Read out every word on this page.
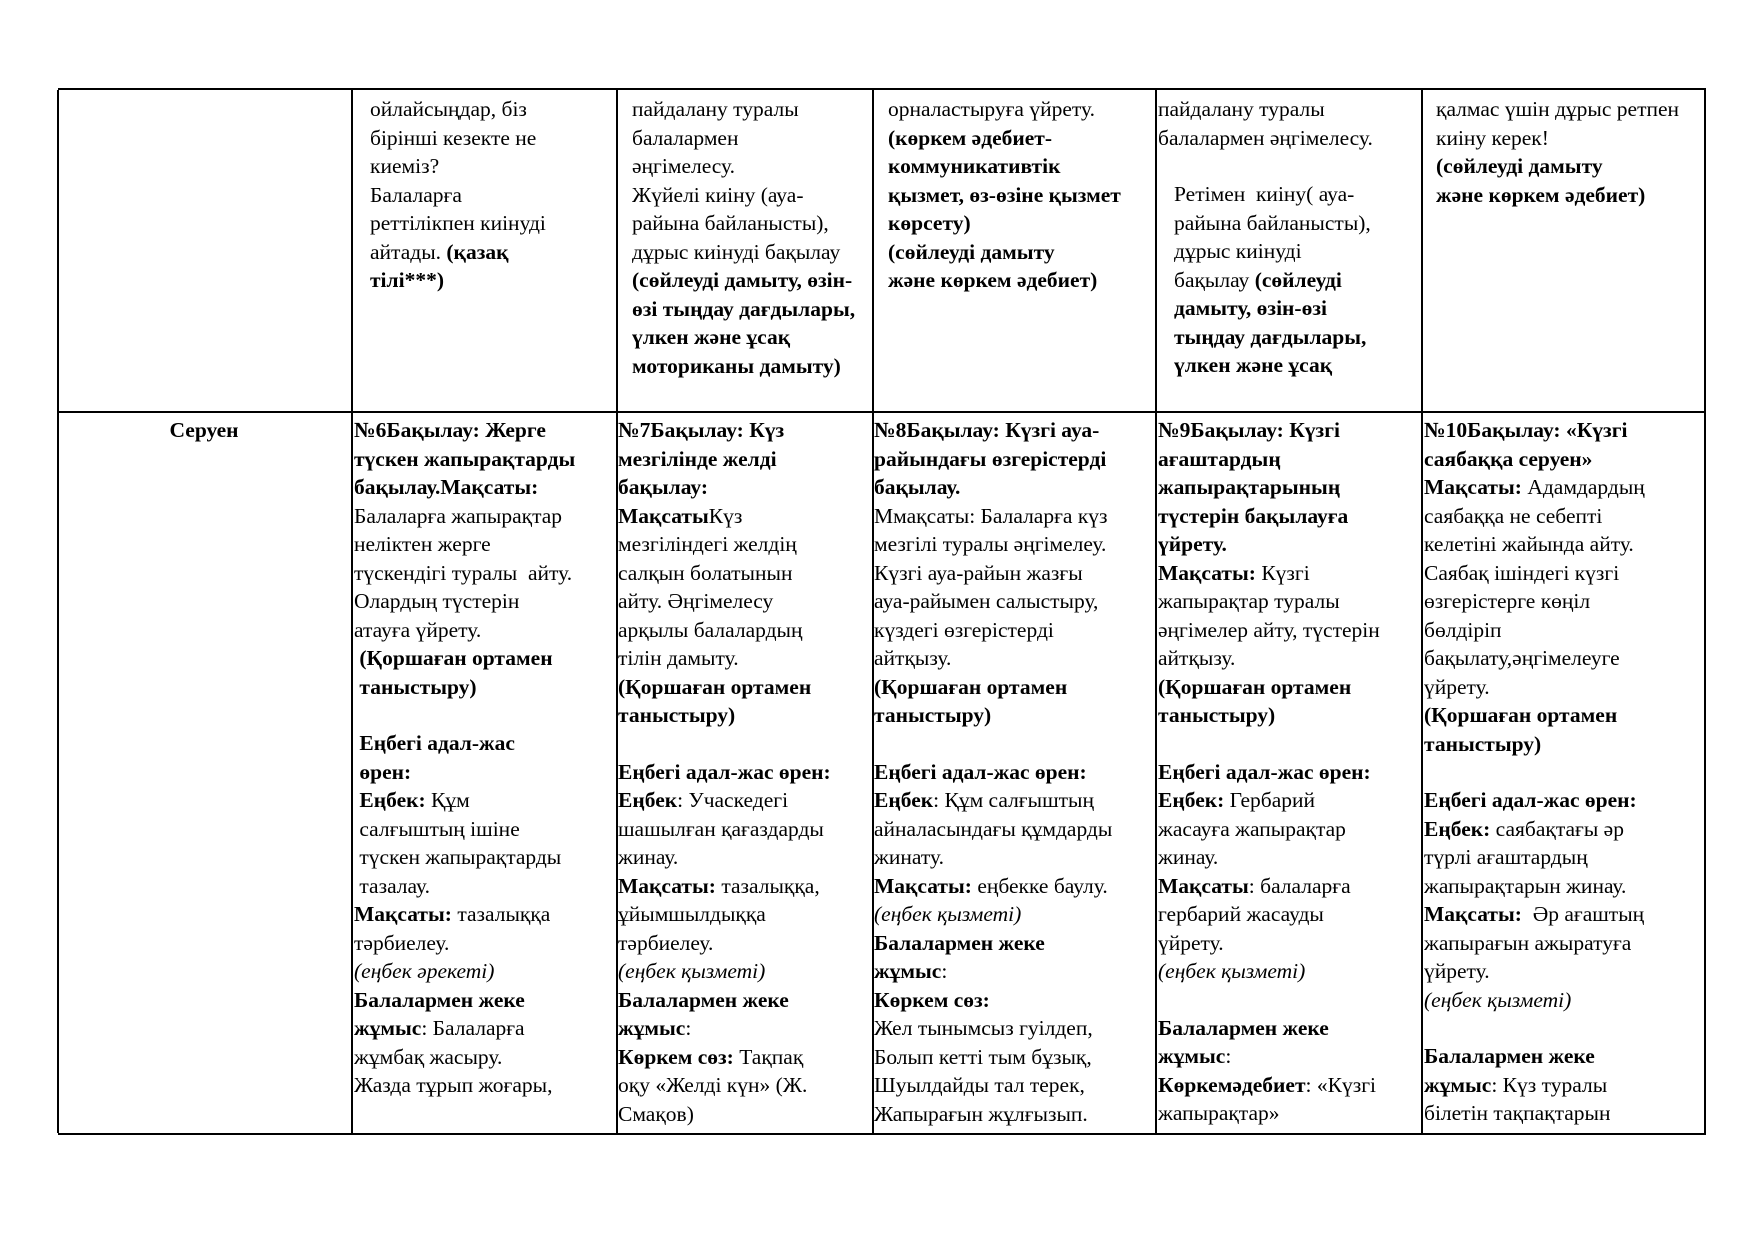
ойлайсыңдар, біз
бірінші кезекте не
киеміз?
Балаларға
реттілікпен киінуді
айтады. (қазақ
тілі***)
пайдалану туралы
балалармен
әңгімелесу.
Жүйелі киіну (ауа-
райына байланысты),
дұрыс киінуді бақылау
(сөйлеуді дамыту, өзін-
өзі тыңдау дағдылары,
үлкен және ұсақ
моториканы дамыту)
орналастыруға үйрету.
(көркем әдебиет-
коммуникативтік
қызмет, өз-өзіне қызмет
көрсету)
(сөйлеуді дамыту
және көркем әдебиет)
пайдалану туралы
балалармен әңгімелесу.
Ретімен  киіну( ауа-
райына байланысты),
дұрыс киінуді
бақылау (сөйлеуді
дамыту, өзін-өзі
тыңдау дағдылары,
үлкен және ұсақ
қалмас үшін дұрыс ретпен
киіну керек!
(сөйлеуді дамыту
және көркем әдебиет)
Серуен	№6Бақылау: Жерге
түскен жапырақтарды
бақылау.Мақсаты:
Балаларға жапырақтар
неліктен жерге
түскендігі туралы  айту.
Олардың түстерін
атауға үйрету.
(Қоршаған ортамен
таныстыру)
Еңбегі адал-жас
өрен:
Еңбек: Құм
салғыштың ішіне
түскен жапырақтарды
тазалау.
Мақсаты: тазалыққа
тәрбиелеу.
(еңбек әрекеті)
Балалармен жеке
жұмыс: Балаларға
жұмбақ жасыру.
Жазда тұрып жоғары,
№7Бақылау: Күз
мезгілінде желді
бақылау:
МақсатыКүз
мезгіліндегі желдің
салқын болатынын
айту. Әңгімелесу
арқылы балалардың
тілін дамыту.
(Қоршаған ортамен
таныстыру)
Еңбегі адал-жас өрен:
Еңбек: Учаскедегі
шашылған қағаздарды
жинау.
Мақсаты: тазалыққа,
ұйымшылдыққа
тәрбиелеу.
(еңбек қызметі)
Балалармен жеке
жұмыс:
Көркем сөз: Тақпақ
оқу «Желді күн» (Ж.
Смақов)
№8Бақылау: Күзгі ауа-
райындағы өзгерістерді
бақылау.
Ммақсаты: Балаларға күз
мезгілі туралы әңгімелеу.
Күзгі ауа-райын жазғы
ауа-райымен салыстыру,
күздегі өзгерістерді
айтқызу.
(Қоршаған ортамен
таныстыру)
Еңбегі адал-жас өрен:
Еңбек: Құм салғыштың
айналасындағы құмдарды
жинату.
Мақсаты: еңбекке баулу.
(еңбек қызметі)
Балалармен жеке
жұмыс:
Көркем сөз:
Жел тынымсыз гуілдеп,
Болып кетті тым бұзық,
Шуылдайды тал терек,
Жапырағын жұлғызып.
№9Бақылау: Күзгі
ағаштардың
жапырақтарының
түстерін бақылауға
үйрету.
Мақсаты: Күзгі
жапырақтар туралы
әңгімелер айту, түстерін
айтқызу.
(Қоршаған ортамен
таныстыру)
Еңбегі адал-жас өрен:
Еңбек: Гербарий
жасауға жапырақтар
жинау.
Мақсаты: балаларға
гербарий жасауды
үйрету.
(еңбек қызметі)
Балалармен жеке
жұмыс:
Көркемәдебиет: «Күзгі
жапырақтар»
№10Бақылау: «Күзгі
саябаққа серуен»
Мақсаты: Адамдардың
саябаққа не себепті
келетіні жайында айту.
Саябақ ішіндегі күзгі
өзгерістерге көңіл
бөлдіріп
бақылату,әңгімелеуге
үйрету.
(Қоршаған ортамен
таныстыру)
Еңбегі адал-жас өрен:
Еңбек: саябақтағы әр
түрлі ағаштардың
жапырақтарын жинау.
Мақсаты:  Әр ағаштың
жапырағын ажыратуға
үйрету.
(еңбек қызметі)
Балалармен жеке
жұмыс: Күз туралы
білетін тақпақтарын
